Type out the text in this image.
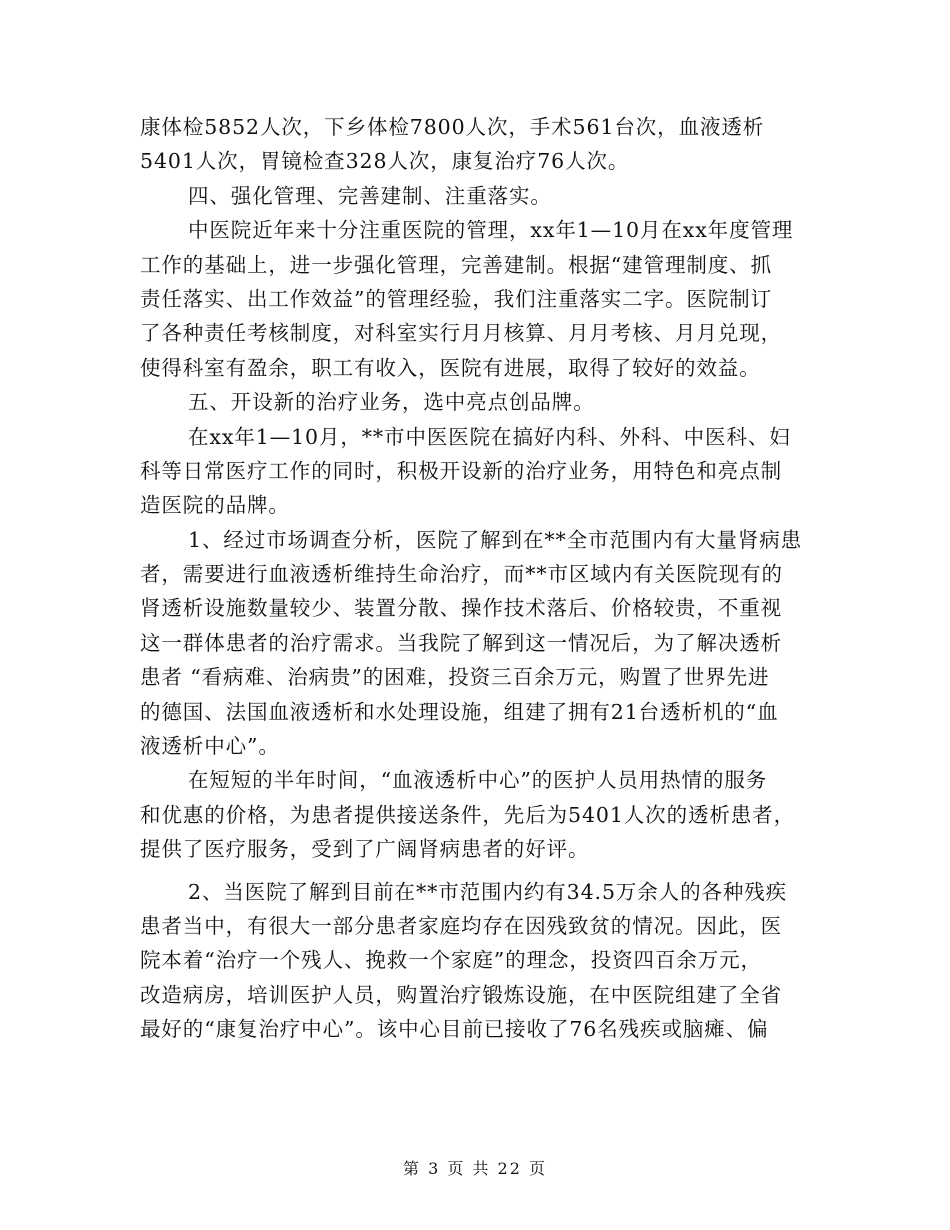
康体检5852人次，下乡体检7800人次，手术561台次，血液透析
5401人次，胃镜检查328人次，康复治疗76人次。
四、强化管理、完善建制、注重落实。
中医院近年来十分注重医院的管理，xx年1—10月在xx年度管理
工作的基础上，进一步强化管理，完善建制。根据“建管理制度、抓
责任落实、出工作效益”的管理经验，我们注重落实二字。医院制订
了各种责任考核制度，对科室实行月月核算、月月考核、月月兑现，
使得科室有盈余，职工有收入，医院有进展，取得了较好的效益。
五、开设新的治疗业务，选中亮点创品牌。
在xx年1—10月，**市中医医院在搞好内科、外科、中医科、妇
科等日常医疗工作的同时，积极开设新的治疗业务，用特色和亮点制
造医院的品牌。
1、经过市场调查分析，医院了解到在**全市范围内有大量肾病患
者，需要进行血液透析维持生命治疗，而**市区域内有关医院现有的
肾透析设施数量较少、装置分散、操作技术落后、价格较贵，不重视
这一群体患者的治疗需求。当我院了解到这一情况后，为了解决透析
患者 “看病难、治病贵”的困难，投资三百余万元，购置了世界先进
的德国、法国血液透析和水处理设施，组建了拥有21台透析机的“血
液透析中心”。
在短短的半年时间，“血液透析中心”的医护人员用热情的服务
和优惠的价格，为患者提供接送条件，先后为5401人次的透析患者，
提供了医疗服务，受到了广阔肾病患者的好评。
2、当医院了解到目前在**市范围内约有34.5万余人的各种残疾
患者当中，有很大一部分患者家庭均存在因残致贫的情况。因此，医
院本着“治疗一个残人、挽救一个家庭”的理念，投资四百余万元，
改造病房，培训医护人员，购置治疗锻炼设施，在中医院组建了全省
最好的“康复治疗中心”。该中心目前已接收了76名残疾或脑瘫、偏
第 3 页 共 22 页
